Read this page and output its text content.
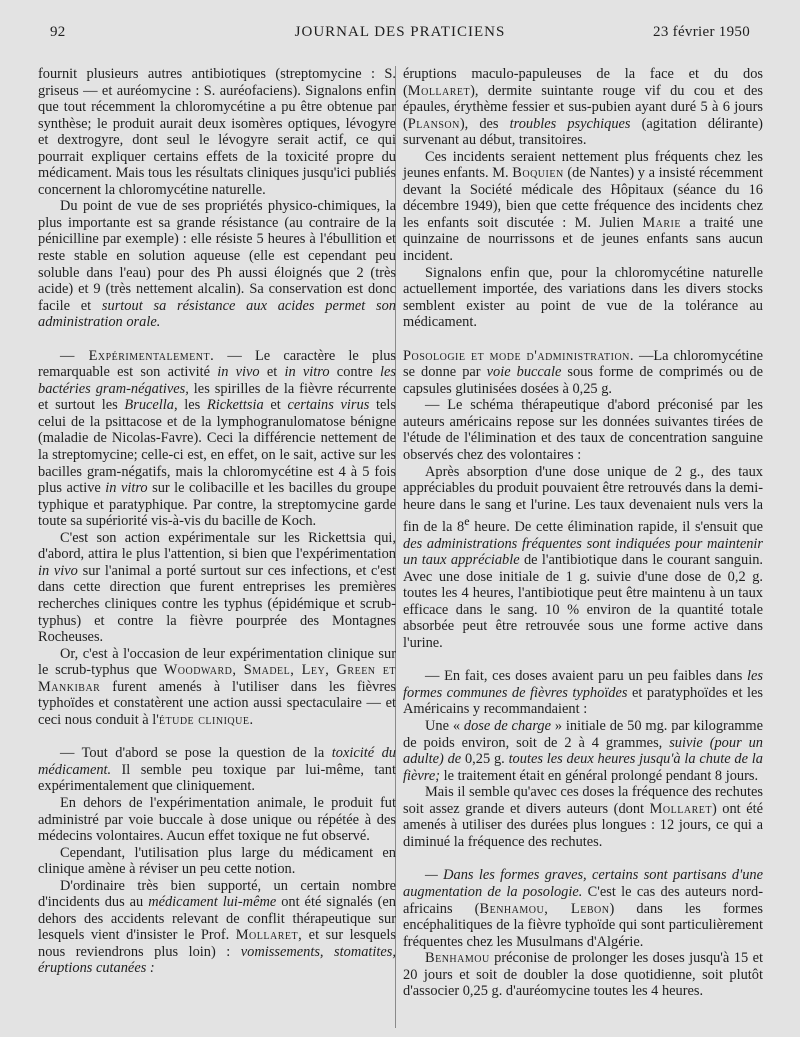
92	JOURNAL DES PRATICIENS	23 février 1950

fournit plusieurs autres antibiotiques (streptomycine : S. griseus — et auréomycine : S. auréofaciens). Signalons enfin que tout récemment la chloromycétine a pu être obtenue par synthèse; le produit aurait deux isomères optiques, lévogyre et dextrogyre, dont seul le lévogyre serait actif, ce qui pourrait expliquer certains effets de la toxicité propre du médicament. Mais tous les résultats cliniques jusqu'ici publiés concernent la chloromycétine naturelle.

Du point de vue de ses propriétés physico-chimiques, la plus importante est sa grande résistance (au contraire de la pénicilline par exemple) : elle résiste 5 heures à l'ébullition et reste stable en solution aqueuse (elle est cependant peu soluble dans l'eau) pour des Ph aussi éloignés que 2 (très acide) et 9 (très nettement alcalin). Sa conservation est donc facile et surtout sa résistance aux acides permet son administration orale.

— Expérimentalement. — Le caractère le plus remarquable est son activité in vivo et in vitro contre les bactéries gram-négatives, les spirilles de la fièvre récurrente et surtout les Brucella, les Rickettsia et certains virus tels celui de la psittacose et de la lymphogranulomatose bénigne (maladie de Nicolas-Favre). Ceci la différencie nettement de la streptomycine; celle-ci est, en effet, on le sait, active sur les bacilles gram-négatifs, mais la chloromycétine est 4 à 5 fois plus active in vitro sur le colibacille et les bacilles du groupe typhique et paratyphique. Par contre, la streptomycine garde toute sa supériorité vis-à-vis du bacille de Koch.

C'est son action expérimentale sur les Rickettsia qui, d'abord, attira le plus l'attention, si bien que l'expérimentation in vivo sur l'animal a porté surtout sur ces infections, et c'est dans cette direction que furent entreprises les premières recherches cliniques contre les typhus (épidémique et scrub-typhus) et contre la fièvre pourprée des Montagnes Rocheuses.

Or, c'est à l'occasion de leur expérimentation clinique sur le scrub-typhus que Woodward, Smadel, Ley, Green et Mankibar furent amenés à l'utiliser dans les fièvres typhoïdes et constatèrent une action aussi spectaculaire — et ceci nous conduit à l'étude clinique.

— Tout d'abord se pose la question de la toxicité du médicament. Il semble peu toxique par lui-même, tant expérimentalement que cliniquement.

En dehors de l'expérimentation animale, le produit fut administré par voie buccale à dose unique ou répétée à des médecins volontaires. Aucun effet toxique ne fut observé.

Cependant, l'utilisation plus large du médicament en clinique amène à réviser un peu cette notion.

D'ordinaire très bien supporté, un certain nombre d'incidents dus au médicament lui-même ont été signalés (en dehors des accidents relevant de conflit thérapeutique sur lesquels vient d'insister le Prof. Mollaret, et sur lesquels nous reviendrons plus loin) : vomissements, stomatites, éruptions cutanées :

éruptions maculo-papuleuses de la face et du dos (Mollaret), dermite suintante rouge vif du cou et des épaules, érythème fessier et sus-pubien ayant duré 5 à 6 jours (Planson), des troubles psychiques (agitation délirante) survenant au début, transitoires.

Ces incidents seraient nettement plus fréquents chez les jeunes enfants. M. Boquien (de Nantes) y a insisté récemment devant la Société médicale des Hôpitaux (séance du 16 décembre 1949), bien que cette fréquence des incidents chez les enfants soit discutée : M. Julien Marie a traité une quinzaine de nourrissons et de jeunes enfants sans aucun incident.

Signalons enfin que, pour la chloromycétine naturelle actuellement importée, des variations dans les divers stocks semblent exister au point de vue de la tolérance au médicament.

Posologie et mode d'administration. —La chloromycétine se donne par voie buccale sous forme de comprimés ou de capsules glutinisées dosées à 0,25 g.

— Le schéma thérapeutique d'abord préconisé par les auteurs américains repose sur les données suivantes tirées de l'étude de l'élimination et des taux de concentration sanguine observés chez des volontaires :

Après absorption d'une dose unique de 2 g., des taux appréciables du produit pouvaient être retrouvés dans la demi-heure dans le sang et l'urine. Les taux devenaient nuls vers la fin de la 8e heure. De cette élimination rapide, il s'ensuit que des administrations fréquentes sont indiquées pour maintenir un taux appréciable de l'antibiotique dans le courant sanguin. Avec une dose initiale de 1 g. suivie d'une dose de 0,2 g. toutes les 4 heures, l'antibiotique peut être maintenu à un taux efficace dans le sang. 10 % environ de la quantité totale absorbée peut être retrouvée sous une forme active dans l'urine.

— En fait, ces doses avaient paru un peu faibles dans les formes communes de fièvres typhoïdes et paratyphoïdes et les Américains y recommandaient :

Une « dose de charge » initiale de 50 mg. par kilogramme de poids environ, soit de 2 à 4 grammes, suivie (pour un adulte) de 0,25 g. toutes les deux heures jusqu'à la chute de la fièvre; le traitement était en général prolongé pendant 8 jours.

Mais il semble qu'avec ces doses la fréquence des rechutes soit assez grande et divers auteurs (dont Mollaret) ont été amenés à utiliser des durées plus longues : 12 jours, ce qui a diminué la fréquence des rechutes.

— Dans les formes graves, certains sont partisans d'une augmentation de la posologie. C'est le cas des auteurs nord-africains (Benhamou, Lebon) dans les formes encéphalitiques de la fièvre typhoïde qui sont particulièrement fréquentes chez les Musulmans d'Algérie.

Benhamou préconise de prolonger les doses jusqu'à 15 et 20 jours et soit de doubler la dose quotidienne, soit plutôt d'associer 0,25 g. d'auréomycine toutes les 4 heures.
